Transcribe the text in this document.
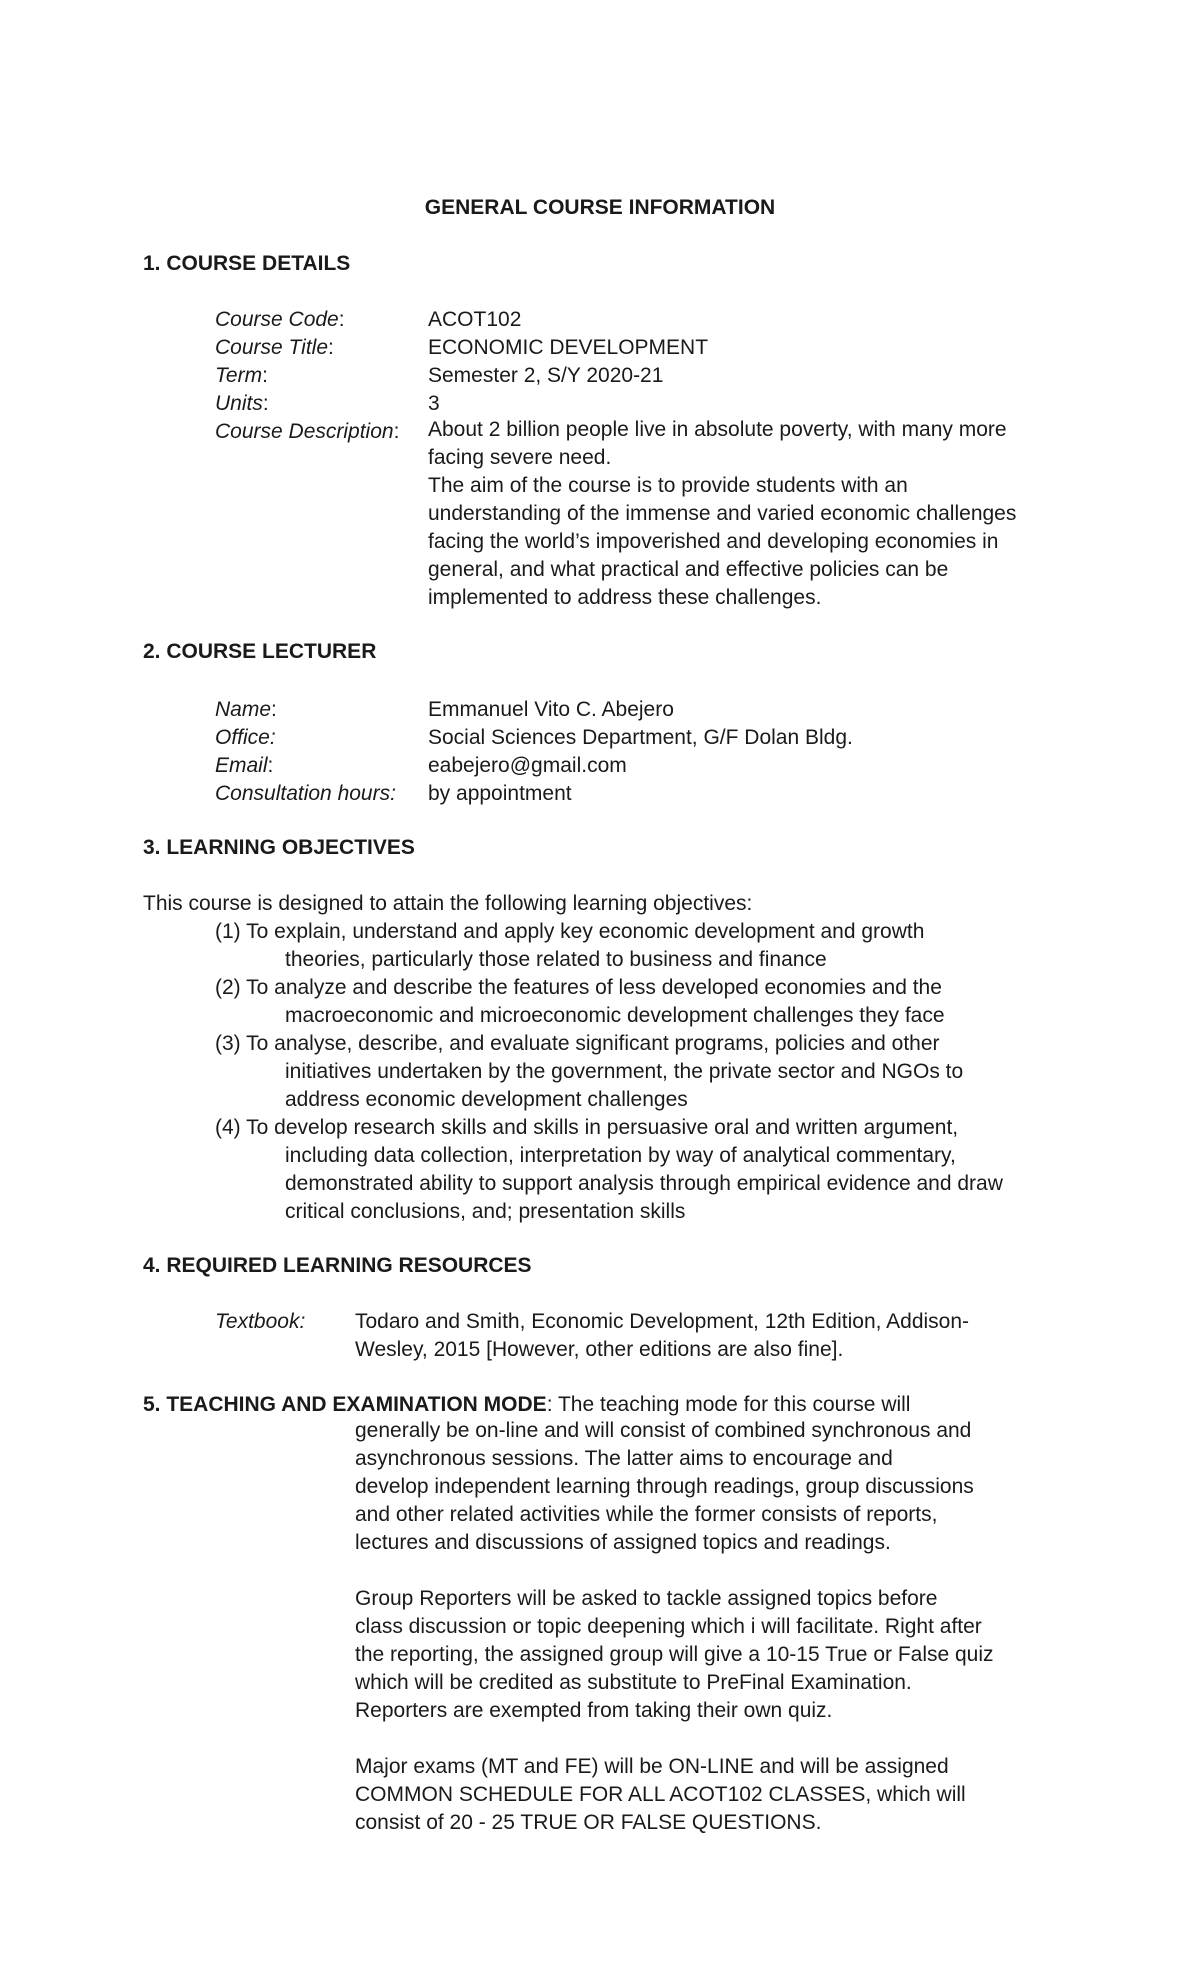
GENERAL COURSE INFORMATION
1. COURSE DETAILS
Course Code:	ACOT102
Course Title:	ECONOMIC DEVELOPMENT
Term:	Semester 2, S/Y 2020-21
Units:	3
Course Description: About 2 billion people live in absolute poverty, with many more
facing severe need.
The aim of the course is to provide students with an
understanding of the immense and varied economic challenges
facing the world’s impoverished and developing economies in
general, and what practical and effective policies can be
implemented to address these challenges.
2. COURSE LECTURER
Name:	Emmanuel Vito C. Abejero
Office:	Social Sciences Department, G/F Dolan Bldg.
Email:	eabejero@gmail.com
Consultation hours: by appointment
3. LEARNING OBJECTIVES
This course is designed to attain the following learning objectives:
(1) To explain, understand and apply key economic development and growth
theories, particularly those related to business and finance
(2) To analyze and describe the features of less developed economies and the
macroeconomic and microeconomic development challenges they face
(3) To analyse, describe, and evaluate significant programs, policies and other
initiatives undertaken by the government, the private sector and NGOs to
address economic development challenges
(4) To develop research skills and skills in persuasive oral and written argument,
including data collection, interpretation by way of analytical commentary,
demonstrated ability to support analysis through empirical evidence and draw
critical conclusions, and; presentation skills
4. REQUIRED LEARNING RESOURCES
Textbook: Todaro and Smith, Economic Development, 12th Edition, Addison-
Wesley, 2015 [However, other editions are also fine].
5. TEACHING AND EXAMINATION MODE: The teaching mode for this course will
generally be on-line and will consist of combined synchronous and
asynchronous sessions. The latter aims to encourage and
develop independent learning through readings, group discussions
and other related activities while the former consists of reports,
lectures and discussions of assigned topics and readings.
Group Reporters will be asked to tackle assigned topics before
class discussion or topic deepening which i will facilitate. Right after
the reporting, the assigned group will give a 10-15 True or False quiz
which will be credited as substitute to PreFinal Examination.
Reporters are exempted from taking their own quiz.
Major exams (MT and FE) will be ON-LINE and will be assigned
COMMON SCHEDULE FOR ALL ACOT102 CLASSES, which will
consist of 20 - 25 TRUE OR FALSE QUESTIONS.
